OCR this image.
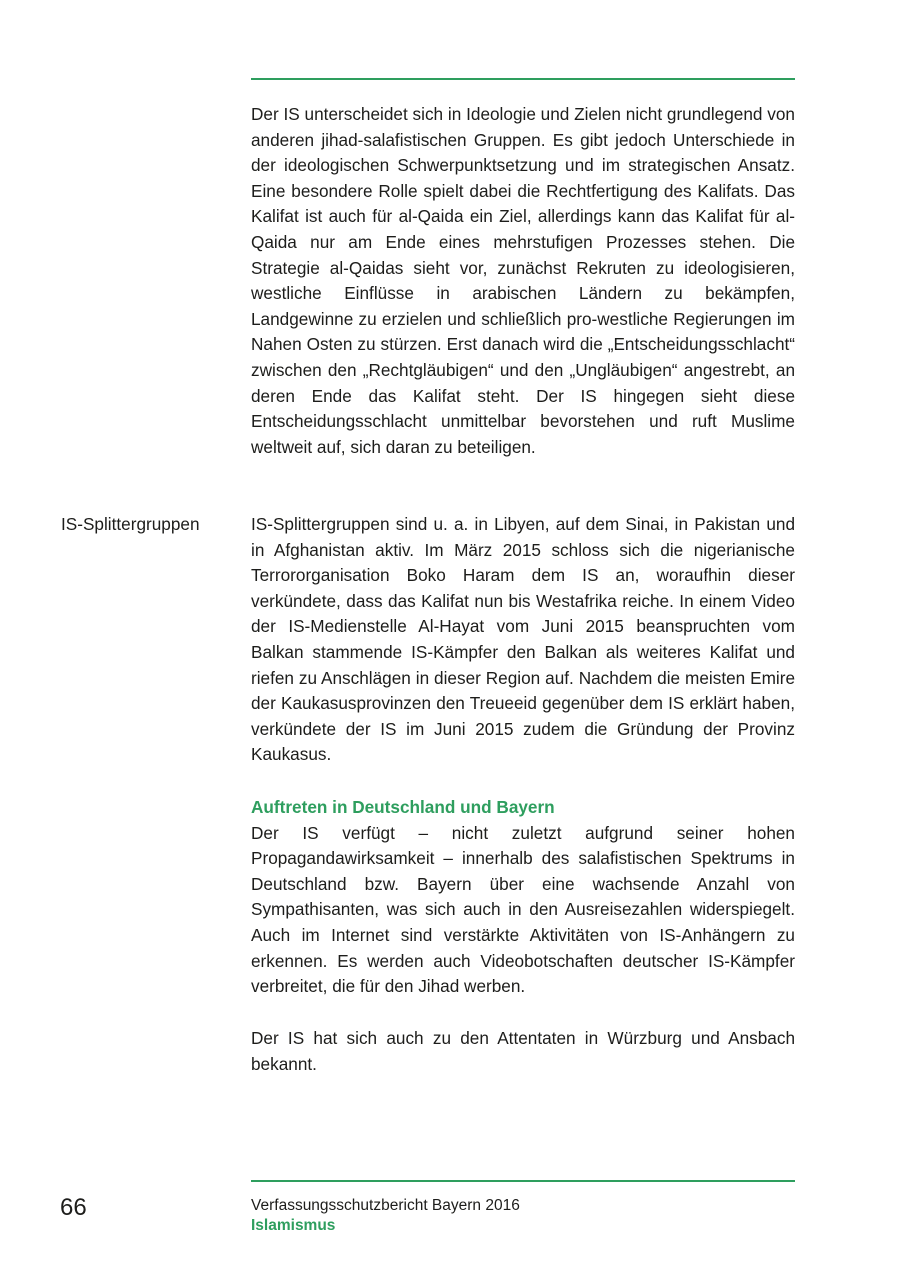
Der IS unterscheidet sich in Ideologie und Zielen nicht grundlegend von anderen jihad-salafistischen Gruppen. Es gibt jedoch Unterschiede in der ideologischen Schwerpunktsetzung und im strategischen Ansatz. Eine besondere Rolle spielt dabei die Rechtfertigung des Kalifats. Das Kalifat ist auch für al-Qaida ein Ziel, allerdings kann das Kalifat für al-Qaida nur am Ende eines mehrstufigen Prozesses stehen. Die Strategie al-Qaidas sieht vor, zunächst Rekruten zu ideologisieren, westliche Einflüsse in arabischen Ländern zu bekämpfen, Landgewinne zu erzielen und schließlich pro-westliche Regierungen im Nahen Osten zu stürzen. Erst danach wird die „Entscheidungsschlacht“ zwischen den „Rechtgläubigen“ und den „Ungläubigen“ angestrebt, an deren Ende das Kalifat steht. Der IS hingegen sieht diese Entscheidungsschlacht unmittelbar bevorstehen und ruft Muslime weltweit auf, sich daran zu beteiligen.

IS-Splittergruppen	IS-Splittergruppen sind u. a. in Libyen, auf dem Sinai, in Pakistan und in Afghanistan aktiv. Im März 2015 schloss sich die nigerianische Terrororganisation Boko Haram dem IS an, woraufhin dieser verkündete, dass das Kalifat nun bis Westafrika reiche. In einem Video der IS-Medienstelle Al-Hayat vom Juni 2015 beanspruchten vom Balkan stammende IS-Kämpfer den Balkan als weiteres Kalifat und riefen zu Anschlägen in dieser Region auf. Nachdem die meisten Emire der Kaukasusprovinzen den Treueeid gegenüber dem IS erklärt haben, verkündete der IS im Juni 2015 zudem die Gründung der Provinz Kaukasus.

Auftreten in Deutschland und Bayern

Der IS verfügt – nicht zuletzt aufgrund seiner hohen Propagandawirksamkeit – innerhalb des salafistischen Spektrums in Deutschland bzw. Bayern über eine wachsende Anzahl von Sympathisanten, was sich auch in den Ausreisezahlen widerspiegelt. Auch im Internet sind verstärkte Aktivitäten von IS-Anhängern zu erkennen. Es werden auch Videobotschaften deutscher IS-Kämpfer verbreitet, die für den Jihad werben.

Der IS hat sich auch zu den Attentaten in Würzburg und Ansbach bekannt.

66	Verfassungsschutzbericht Bayern 2016
Islamismus
